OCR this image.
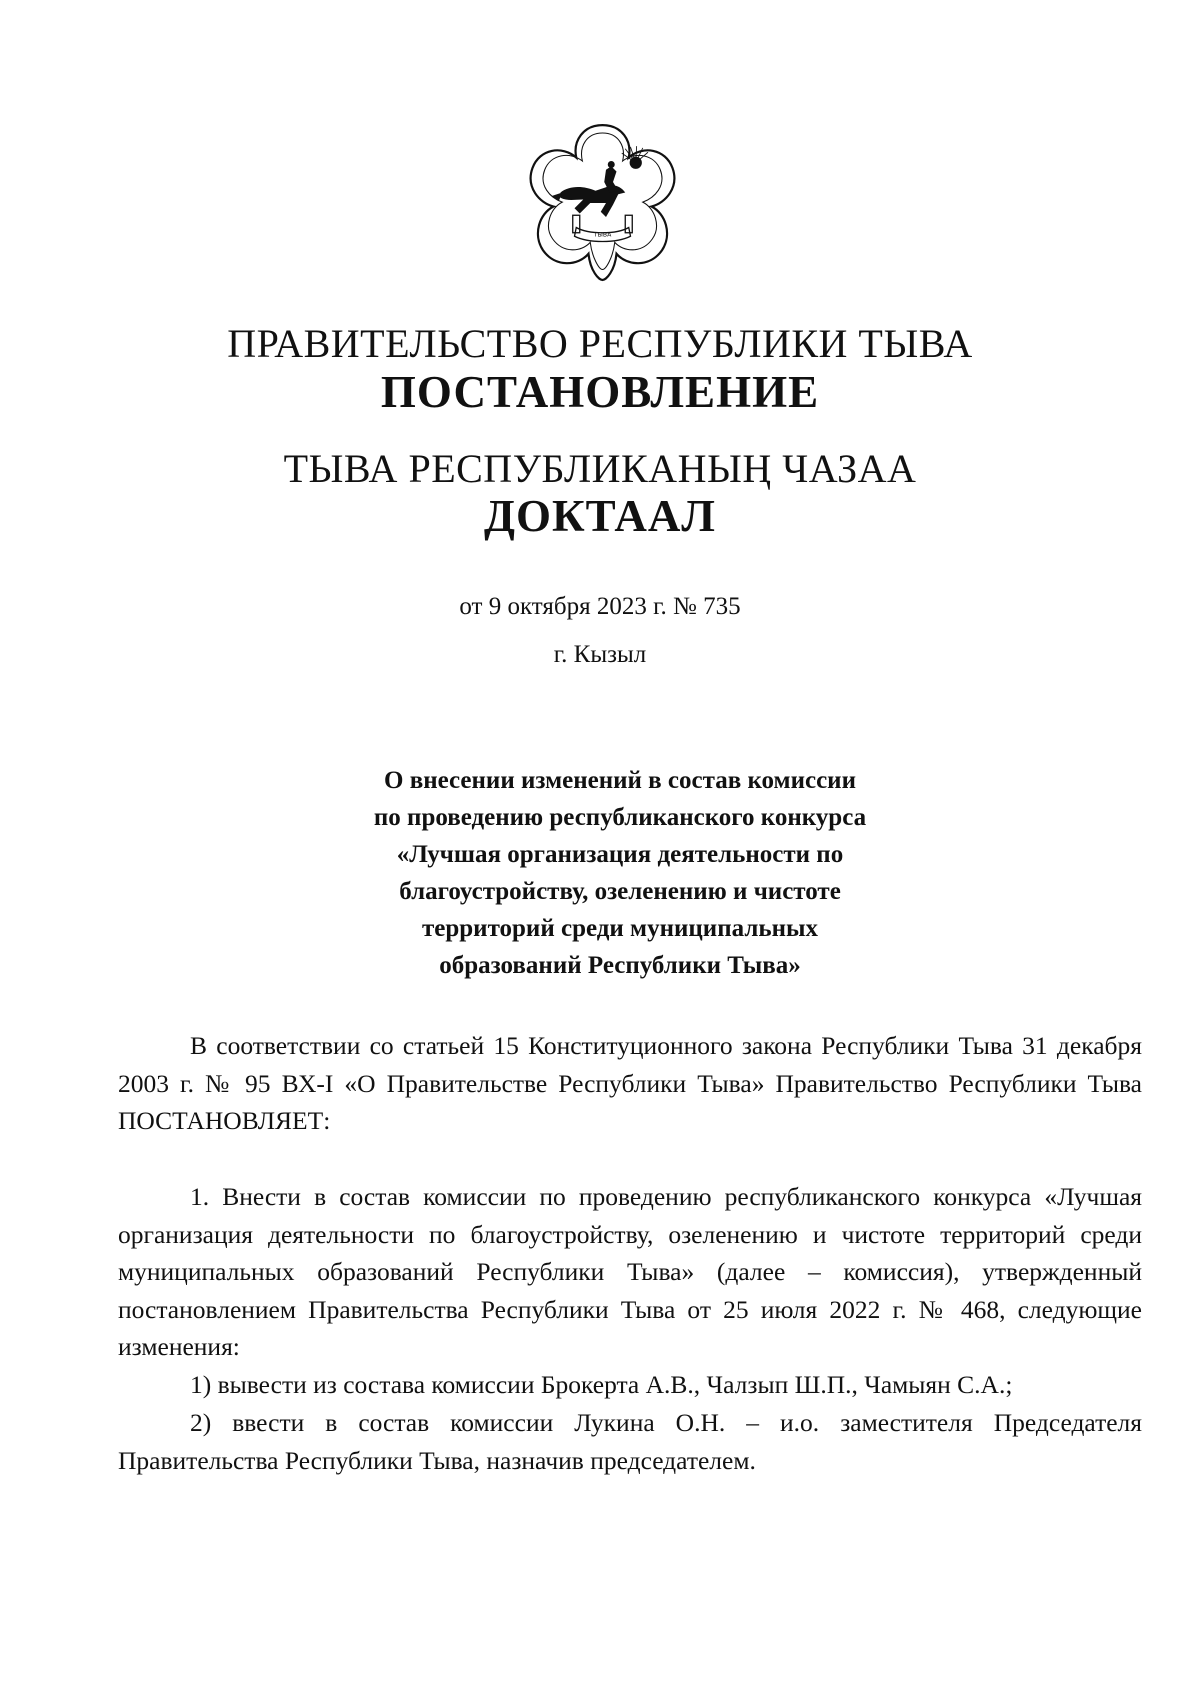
ТЫВА
ПРАВИТЕЛЬСТВО РЕСПУБЛИКИ ТЫВА
ПОСТАНОВЛЕНИЕ
ТЫВА РЕСПУБЛИКАНЫҢ ЧАЗАА
ДОКТААЛ
от 9 октября 2023 г. № 735
г. Кызыл
О внесении изменений в состав комиссии
по проведению республиканского конкурса
«Лучшая организация деятельности по
благоустройству, озеленению и чистоте
территорий среди муниципальных
образований Республики Тыва»

В соответствии со статьей 15 Конституционного закона Республики Тыва 31 декабря 2003 г. № 95 ВХ-I «О Правительстве Республики Тыва» Правительство Республики Тыва ПОСТАНОВЛЯЕТ:

1. Внести в состав комиссии по проведению республиканского конкурса «Лучшая организация деятельности по благоустройству, озеленению и чистоте территорий среди муниципальных образований Республики Тыва» (далее – комиссия), утвержденный постановлением Правительства Республики Тыва от 25 июля 2022 г. № 468, следующие изменения:

1) вывести из состава комиссии Брокерта А.В., Чалзып Ш.П., Чамыян С.А.;

2) ввести в состав комиссии Лукина О.Н. – и.о. заместителя Председателя Правительства Республики Тыва, назначив председателем.
